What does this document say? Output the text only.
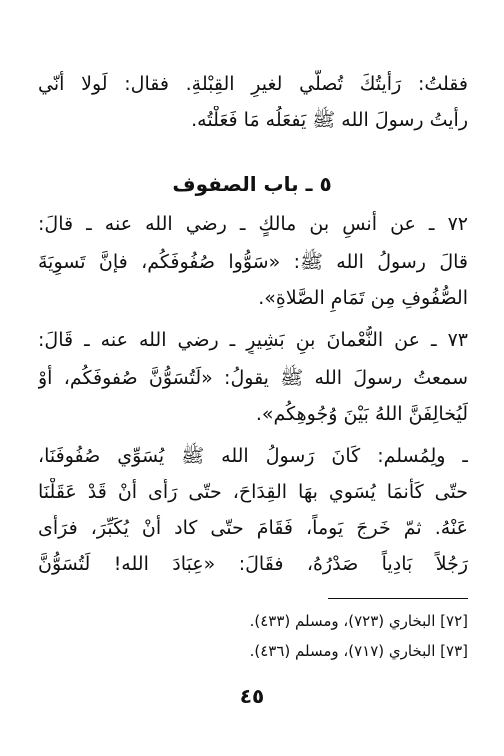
فقلتُ: رَأيتُكَ تُصلّي لغيرِ القِبْلةِ. فقال: لَولا أنّي
رأيتُ رسولَ الله ﷺ يَفعَلُه مَا فَعَلْتُه.
٥ ـ باب الصفوف
٧٢ ـ عن أنسِ بن مالكٍ ـ رضي الله عنه ـ قالَ:
قالَ رسولُ الله ﷺ: «سَوُّوا صُفُوفَكُم، فإنَّ تَسوِيَةَ
الصُّفُوفِ مِن تَمَامِ الصَّلاةِ».
٧٣ ـ عن النُّعْمانَ بنِ بَشِيرٍ ـ رضي الله عنه ـ قَالَ:
سمعتُ رسولَ الله ﷺ يقولُ: «لَتُسَوُّنَّ صُفوفَكُم، أوْ
لَيُخالِفَنَّ اللهُ بَيْنَ وُجُوهِكُم».
ـ ولِمُسلم: كَانَ رَسولُ الله ﷺ يُسَوِّي صُفُوفَنَا،
حتّى كَأنمَا يُسَوي بهَا القِدَاحَ، حتّى رَأَى أنْ قَدْ عَقَلْنَا
عَنْهُ. ثمّ خَرجَ يَوماً، فَقَامَ حتّى كاد أنْ يُكَبِّرَ، فرَأَى
رَجُلاً بَادِياً صَدْرُهُ، فقَالَ: «عِبَادَ الله! لَتُسَوُّنَّ
[٧٢] البخاري (٧٢٣)، ومسلم (٤٣٣).
[٧٣] البخاري (٧١٧)، ومسلم (٤٣٦).
٤٥
